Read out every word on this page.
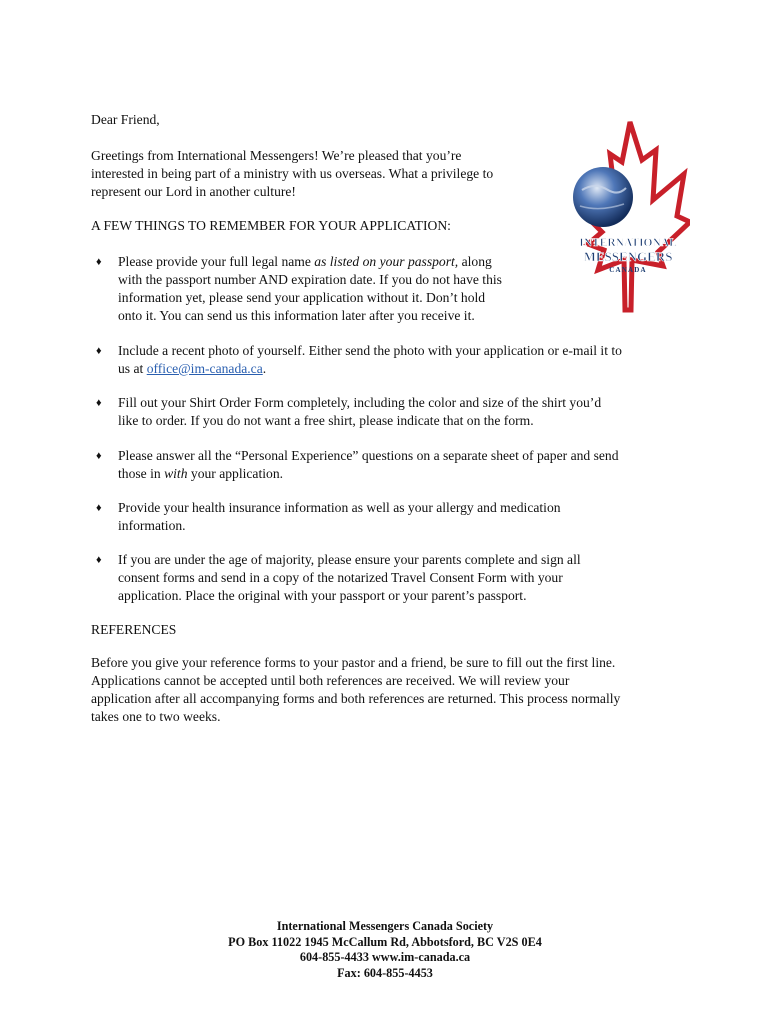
Dear Friend,

Greetings from International Messengers! We’re pleased that you’re

interested in being part of a ministry with us overseas. What a privilege to

represent our Lord in another culture!

A FEW THINGS TO REMEMBER FOR YOUR APPLICATION:

♦	Please provide your full legal name as listed on your passport, along

with the passport number AND expiration date. If you do not have this

information yet, please send your application without it. Don’t hold

onto it. You can send us this information later after you receive it.

♦	Include a recent photo of yourself. Either send the photo with your application or e-mail it to

us at office@im-canada.ca.

♦	Fill out your Shirt Order Form completely, including the color and size of the shirt you’d

like to order. If you do not want a free shirt, please indicate that on the form.

♦	Please answer all the “Personal Experience” questions on a separate sheet of paper and send

those in with your application.

♦	Provide your health insurance information as well as your allergy and medication

information.

♦	If you are under the age of majority, please ensure your parents complete and sign all

consent forms and send in a copy of the notarized Travel Consent Form with your

application. Place the original with your passport or your parent’s passport.

REFERENCES

Before you give your reference forms to your pastor and a friend, be sure to fill out the first line.

Applications cannot be accepted until both references are received. We will review your

application after all accompanying forms and both references are returned. This process normally

takes one to two weeks.

International Messengers Canada Society
PO Box 11022 1945 McCallum Rd, Abbotsford, BC V2S 0E4
604-855-4433 www.im-canada.ca
Fax: 604-855-4453
INTERNATIONAL
MESSENGERS
CANADA
